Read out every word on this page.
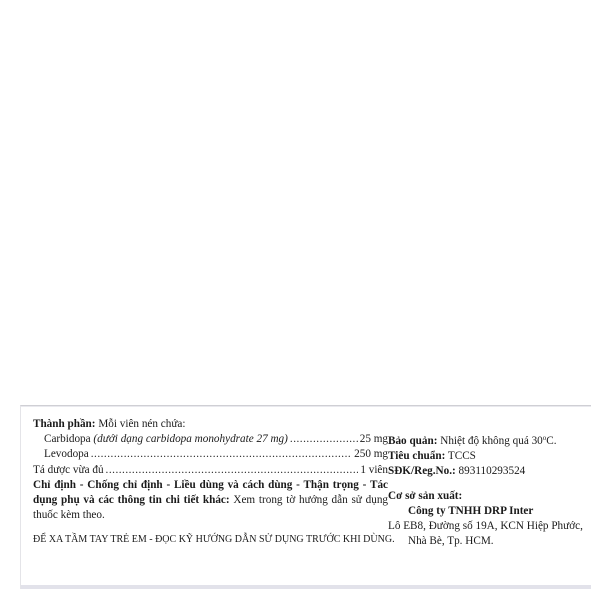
Thành phần: Mỗi viên nén chứa:
Carbidopa
(dưới dạng carbidopa monohydrate 27 mg) .....	25 mg
Levodopa .....	250 mg
Tá dược vừa đủ .....	1 viên
Chỉ định - Chống chỉ định - Liều dùng và cách dùng - Thận trọng - Tác dụng phụ và các thông tin chi tiết khác: Xem trong tờ hướng dẫn sử dụng thuốc kèm theo.
ĐỂ XA TẦM TAY TRẺ EM - ĐỌC KỸ HƯỚNG DẪN SỬ DỤNG TRƯỚC KHI DÙNG.
Bảo quản: Nhiệt độ không quá 30$^o$C.
Tiêu chuẩn: TCCS
SĐK/Reg.No.: 893110293524
Cơ sở sản xuất:
Công ty TNHH DRP Inter
Lô EB8, Đường số 19A, KCN Hiệp Phước,
Nhà Bè, Tp. HCM.
